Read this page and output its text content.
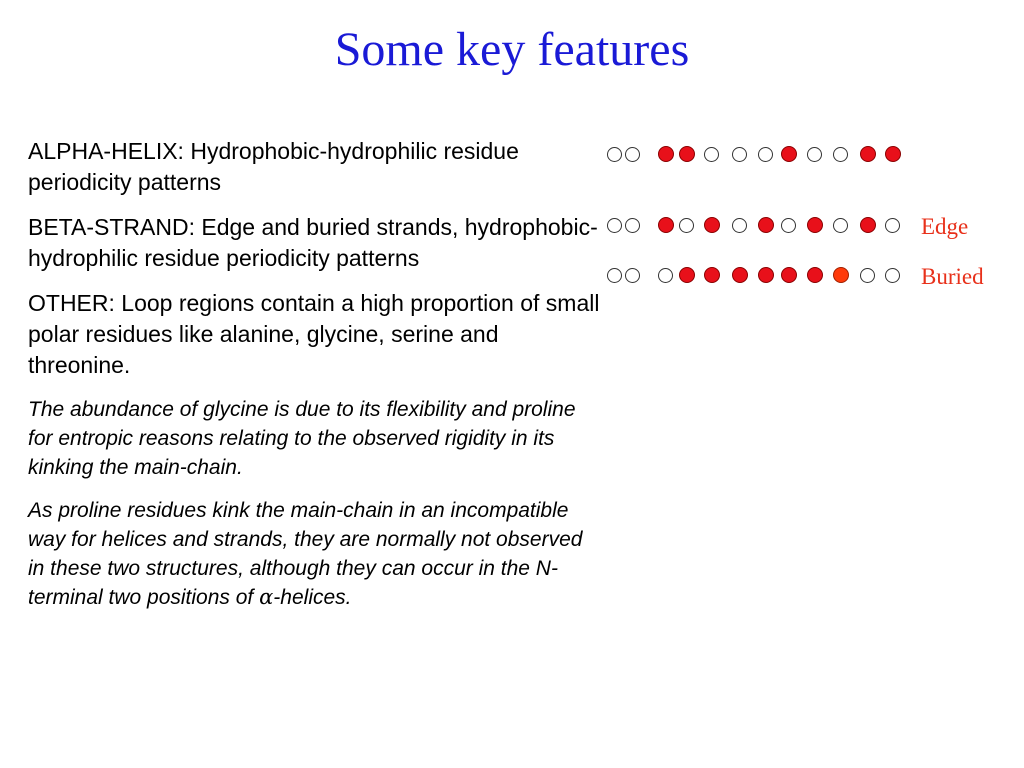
Some key features

ALPHA-HELIX: Hydrophobic-hydrophilic residue periodicity patterns

BETA-STRAND: Edge and buried strands, hydrophobic-hydrophilic residue periodicity patterns

OTHER: Loop regions contain a high proportion of small polar residues like alanine, glycine, serine and threonine.

The abundance of glycine is due to its flexibility and proline for entropic reasons relating to the observed rigidity in its kinking the main-chain.

As proline residues kink the main-chain in an incompatible way for helices and strands, they are normally not observed in these two structures, although they can occur in the N-terminal two positions of α-helices.

Edge
Buried
